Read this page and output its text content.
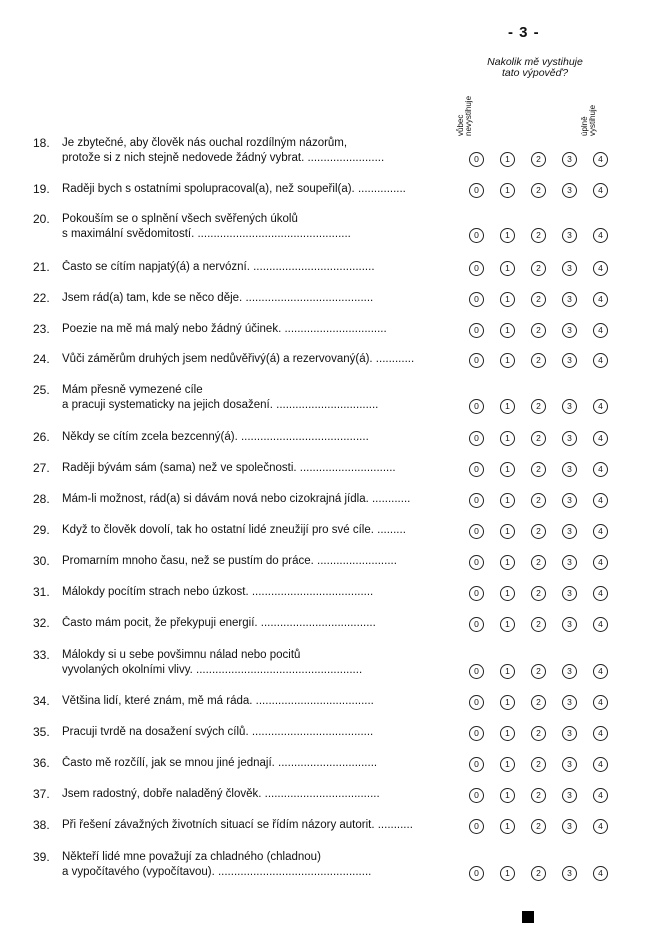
- 3 -
Nakolik mě vystihuje
tato výpověď?
vůbec
nevystihuje	úplně
vystihuje
18.	Je zbytečné, aby člověk nás ouchal rozdílným názorům,
protože si z nich stejně nedovede žádný vybrat. ........................	0	1	2	3	4
19.	Raději bych s ostatními spolupracoval(a), než soupeřil(a). ...............	0	1	2	3	4
20.	Pokouším se o splnění všech svěřených úkolů
s maximální svědomitostí. ................................................	0	1	2	3	4
21.	Často se cítím napjatý(á) a nervózní. ......................................	0	1	2	3	4
22.	Jsem rád(a) tam, kde se něco děje. ........................................	0	1	2	3	4
23.	Poezie na mě má malý nebo žádný účinek. ................................	0	1	2	3	4
24.	Vůči záměrům druhých jsem nedůvěřivý(á) a rezervovaný(á). ............	0	1	2	3	4
25.	Mám přesně vymezené cíle
a pracuji systematicky na jejich dosažení. ................................	0	1	2	3	4
26.	Někdy se cítím zcela bezcenný(á). ........................................	0	1	2	3	4
27.	Raději bývám sám (sama) než ve společnosti. ..............................	0	1	2	3	4
28.	Mám-li možnost, rád(a) si dávám nová nebo cizokrajná jídla. ............	0	1	2	3	4
29.	Když to člověk dovolí, tak ho ostatní lidé zneužijí pro své cíle. .........	0	1	2	3	4
30.	Promarním mnoho času, než se pustím do práce. .........................	0	1	2	3	4
31.	Málokdy pocítím strach nebo úzkost. ......................................	0	1	2	3	4
32.	Často mám pocit, že překypuji energií. ....................................	0	1	2	3	4
33.	Málokdy si u sebe povšimnu nálad nebo pocitů
vyvolaných okolními vlivy. ....................................................	0	1	2	3	4
34.	Většina lidí, které znám, mě má ráda. .....................................	0	1	2	3	4
35.	Pracuji tvrdě na dosažení svých cílů. ......................................	0	1	2	3	4
36.	Často mě rozčílí, jak se mnou jiné jednají. ...............................	0	1	2	3	4
37.	Jsem radostný, dobře naladěný člověk. ....................................	0	1	2	3	4
38.	Při řešení závažných životních situací se řídím názory autorit. ...........	0	1	2	3	4
39.	Někteří lidé mne považují za chladného (chladnou)
a vypočítavého (vypočítavou). ................................................	0	1	2	3	4
